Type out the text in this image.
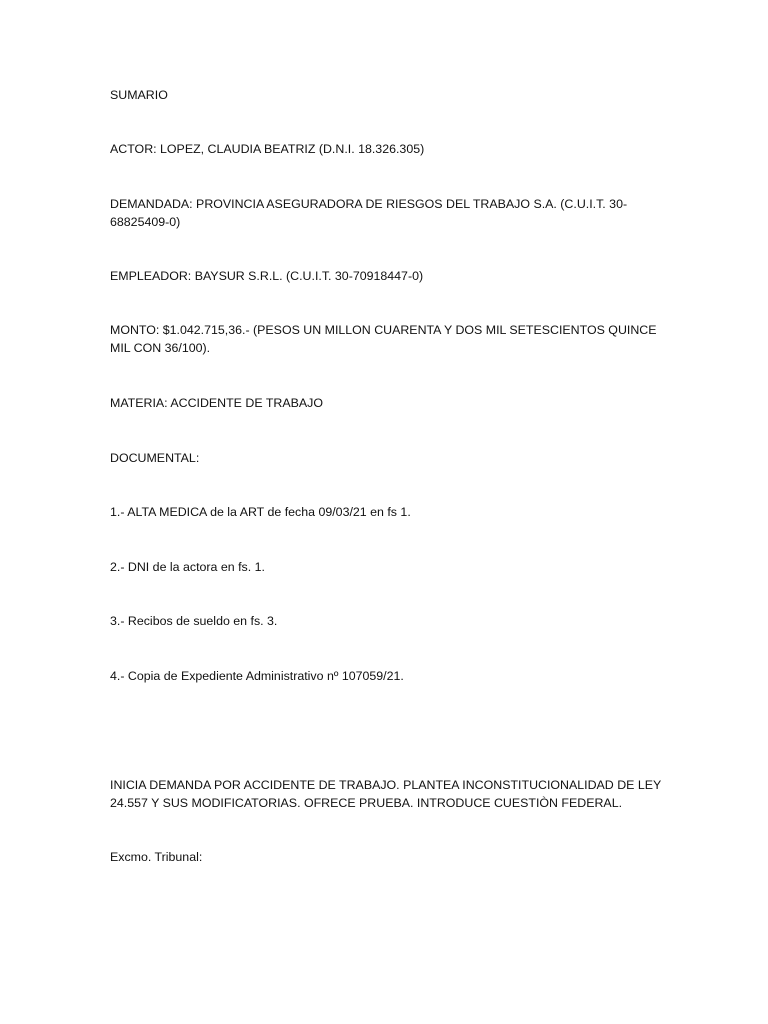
SUMARIO
ACTOR: LOPEZ, CLAUDIA BEATRIZ (D.N.I. 18.326.305)
DEMANDADA: PROVINCIA ASEGURADORA DE RIESGOS DEL TRABAJO S.A. (C.U.I.T. 30-68825409-0)
EMPLEADOR: BAYSUR S.R.L. (C.U.I.T. 30-70918447-0)
MONTO: $1.042.715,36.- (PESOS UN MILLON CUARENTA Y DOS MIL SETESCIENTOS QUINCE MIL CON 36/100).
MATERIA: ACCIDENTE DE TRABAJO
DOCUMENTAL:
1.- ALTA MEDICA de la ART de fecha 09/03/21 en fs 1.
2.- DNI de la actora en fs. 1.
3.- Recibos de sueldo en fs. 3.
4.- Copia de Expediente Administrativo nº 107059/21.
INICIA DEMANDA POR ACCIDENTE DE TRABAJO. PLANTEA INCONSTITUCIONALIDAD DE LEY 24.557 Y SUS MODIFICATORIAS. OFRECE PRUEBA. INTRODUCE CUESTIÒN FEDERAL.
Excmo. Tribunal:
